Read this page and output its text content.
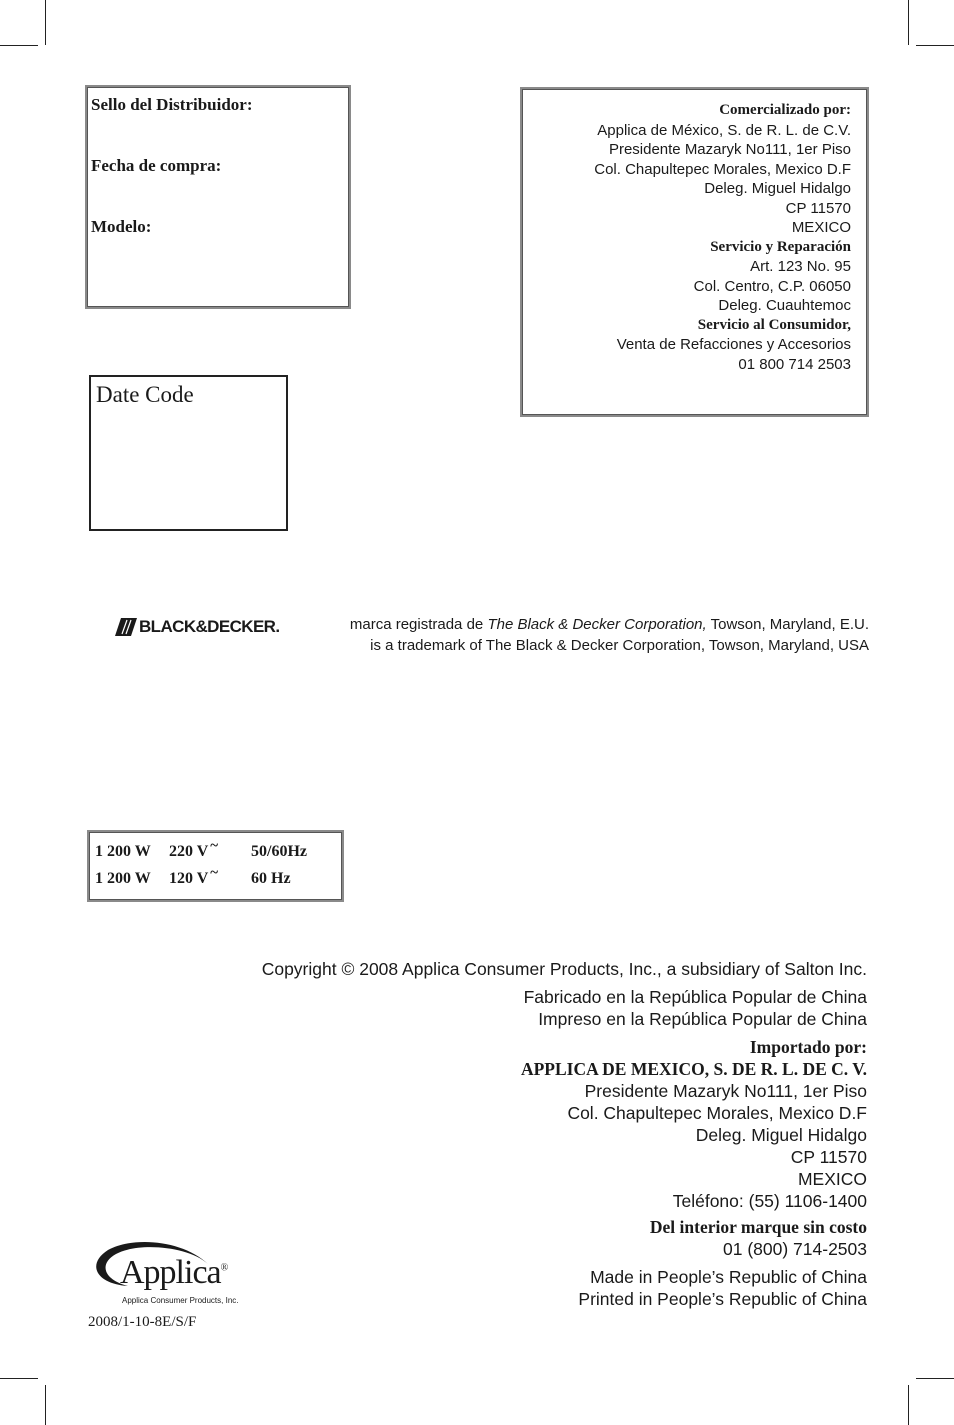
Sello del Distribuidor:
Fecha de compra:
Modelo:
Comercializado por:
Applica de México, S. de R. L. de C.V.
Presidente Mazaryk No111, 1er Piso
Col. Chapultepec Morales, Mexico D.F
Deleg. Miguel Hidalgo
CP 11570
MEXICO
Servicio y Reparación
Art. 123 No. 95
Col. Centro, C.P. 06050
Deleg. Cuauhtemoc
Servicio al Consumidor,
Venta de Refacciones y Accesorios
01 800 714 2503
Date Code
BLACK&DECKER.	marca registrada de The Black & Decker Corporation, Towson, Maryland, E.U.
is a trademark of The Black & Decker Corporation, Towson, Maryland, USA
1 200 W	220 V ~ 50/60Hz
1 200 W	120 V ~ 60 Hz
Copyright © 2008 Applica Consumer Products, Inc., a subsidiary of Salton Inc.
Fabricado en la República Popular de China
Impreso en la República Popular de China
Importado por:
APPLICA DE MEXICO, S. DE R. L. DE C. V.
Presidente Mazaryk No111, 1er Piso
Col. Chapultepec Morales, Mexico D.F
Deleg. Miguel Hidalgo
CP 11570
MEXICO
Teléfono: (55) 1106-1400
Del interior marque sin costo
01 (800) 714-2503
Made in People’s Republic of China
Printed in People’s Republic of China
Applica®
Applica Consumer Products, Inc.
2008/1-10-8E/S/F
